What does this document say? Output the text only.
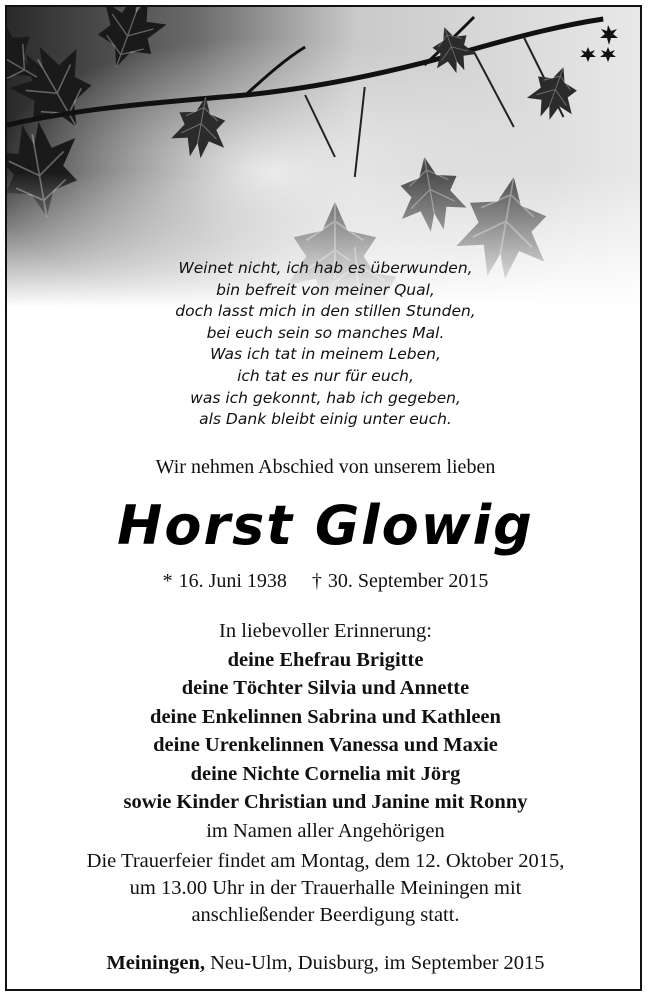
Weinet nicht, ich hab es überwunden,
bin befreit von meiner Qual,
doch lasst mich in den stillen Stunden,
bei euch sein so manches Mal.
Was ich tat in meinem Leben,
ich tat es nur für euch,
was ich gekonnt, hab ich gegeben,
als Dank bleibt einig unter euch.
Wir nehmen Abschied von unserem lieben
Horst Glowig
* 16. Juni 1938 † 30. September 2015
In liebevoller Erinnerung:
deine Ehefrau Brigitte
deine Töchter Silvia und Annette
deine Enkelinnen Sabrina und Kathleen
deine Urenkelinnen Vanessa und Maxie
deine Nichte Cornelia mit Jörg
sowie Kinder Christian und Janine mit Ronny
im Namen aller Angehörigen
Die Trauerfeier findet am Montag, dem 12. Oktober 2015,
um 13.00 Uhr in der Trauerhalle Meiningen mit
anschließender Beerdigung statt.
Meiningen, Neu-Ulm, Duisburg, im September 2015
